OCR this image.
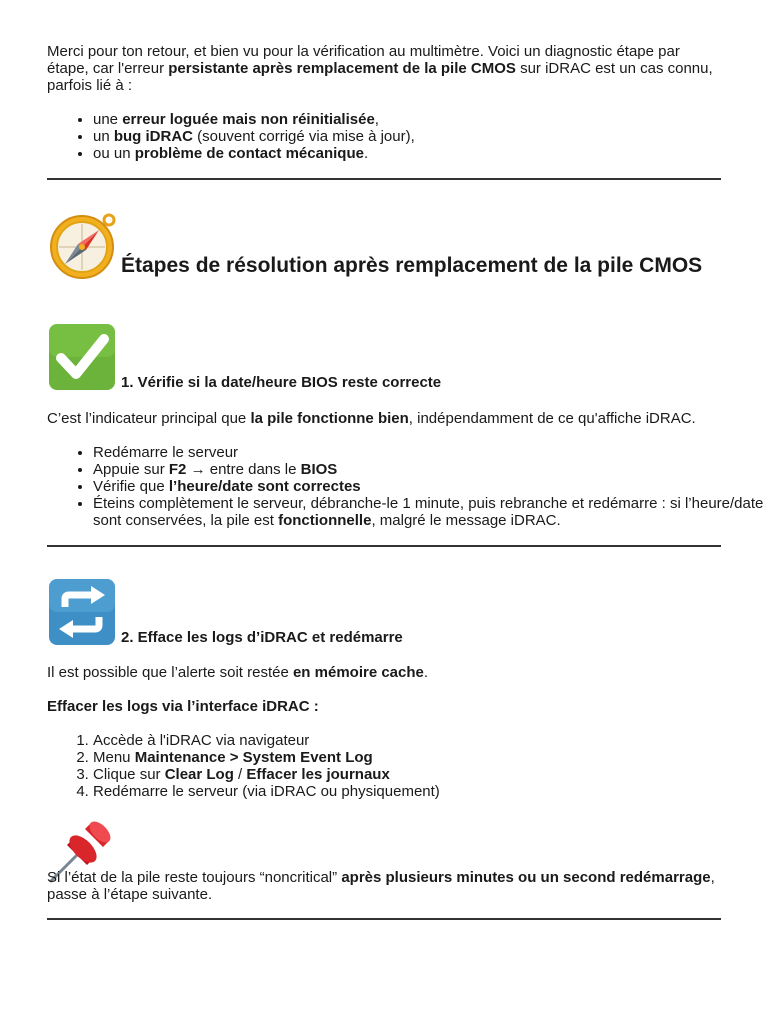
Merci pour ton retour, et bien vu pour la vérification au multimètre. Voici un diagnostic étape par étape, car l'erreur persistante après remplacement de la pile CMOS sur iDRAC est un cas connu, parfois lié à :

• une erreur loguée mais non réinitialisée,
• un bug iDRAC (souvent corrigé via mise à jour),
• ou un problème de contact mécanique.
Étapes de résolution après remplacement de la pile CMOS
1. Vérifie si la date/heure BIOS reste correcte

C’est l’indicateur principal que la pile fonctionne bien, indépendamment de ce qu'affiche iDRAC.

• Redémarre le serveur
• Appuie sur F2 → entre dans le BIOS
• Vérifie que l’heure/date sont correctes
• Éteins complètement le serveur, débranche-le 1 minute, puis rebranche et redémarre : si l’heure/date sont conservées, la pile est fonctionnelle, malgré le message iDRAC.
2. Efface les logs d’iDRAC et redémarre

Il est possible que l’alerte soit restée en mémoire cache.

Effacer les logs via l’interface iDRAC :

1. Accède à l'iDRAC via navigateur
2. Menu Maintenance > System Event Log
3. Clique sur Clear Log / Effacer les journaux
4. Redémarre le serveur (via iDRAC ou physiquement)

Si l’état de la pile reste toujours “noncritical” après plusieurs minutes ou un second redémarrage, passe à l’étape suivante.
